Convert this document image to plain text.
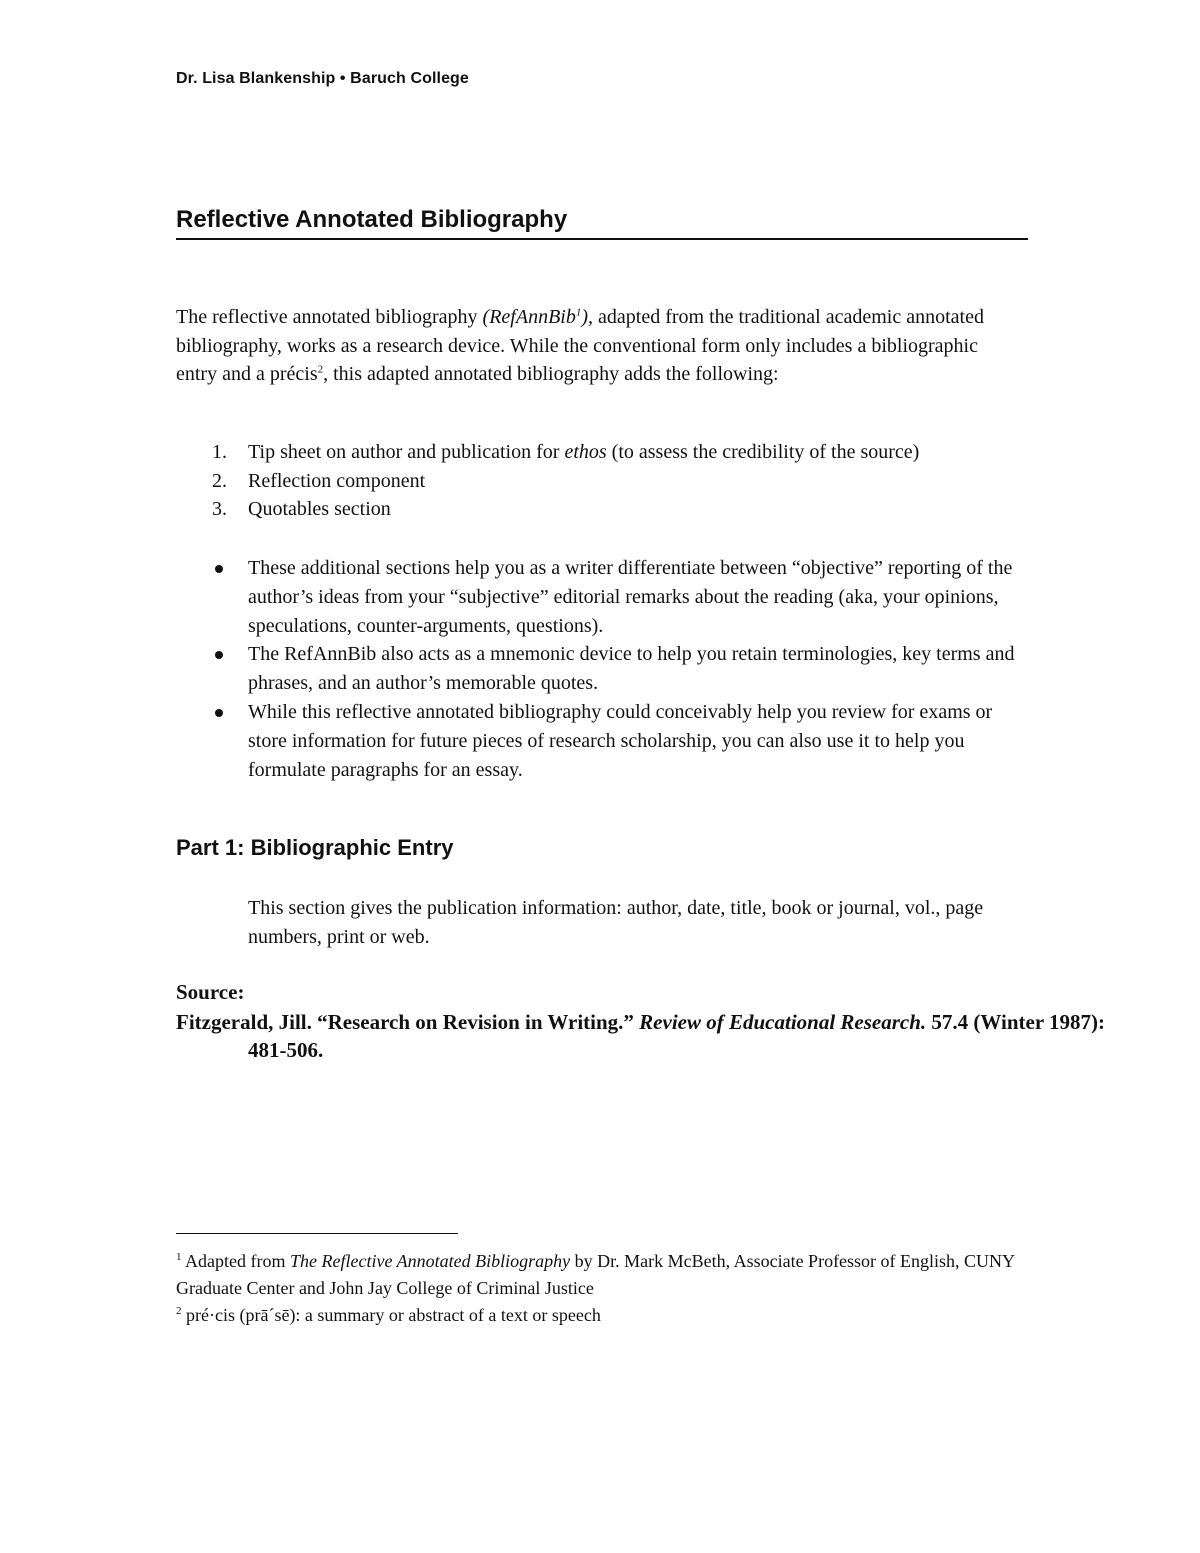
Dr. Lisa Blankenship • Baruch College
Reflective Annotated Bibliography

The reflective annotated bibliography (RefAnnBib$^1$), adapted from the traditional academic annotated bibliography, works as a research device. While the conventional form only includes a bibliographic entry and a précis$^2$, this adapted annotated bibliography adds the following:

1. Tip sheet on author and publication for ethos (to assess the credibility of the source)
2. Reflection component
3. Quotables section
These additional sections help you as a writer differentiate between “objective” reporting of the author’s ideas from your “subjective” editorial remarks about the reading (aka, your opinions, speculations, counter-arguments, questions).
The RefAnnBib also acts as a mnemonic device to help you retain terminologies, key terms and phrases, and an author’s memorable quotes.
While this reflective annotated bibliography could conceivably help you review for exams or store information for future pieces of research scholarship, you can also use it to help you formulate paragraphs for an essay.
Part 1: Bibliographic Entry

This section gives the publication information: author, date, title, book or journal, vol., page numbers, print or web.

Source:

Fitzgerald, Jill. “Research on Revision in Writing.” Review of Educational Research. 57.4 (Winter 1987): 481-506.

$^1$ Adapted from The Reflective Annotated Bibliography by Dr. Mark McBeth, Associate Professor of English, CUNY Graduate Center and John Jay College of Criminal Justice

$^2$ pré·cis (prā´sē): a summary or abstract of a text or speech
